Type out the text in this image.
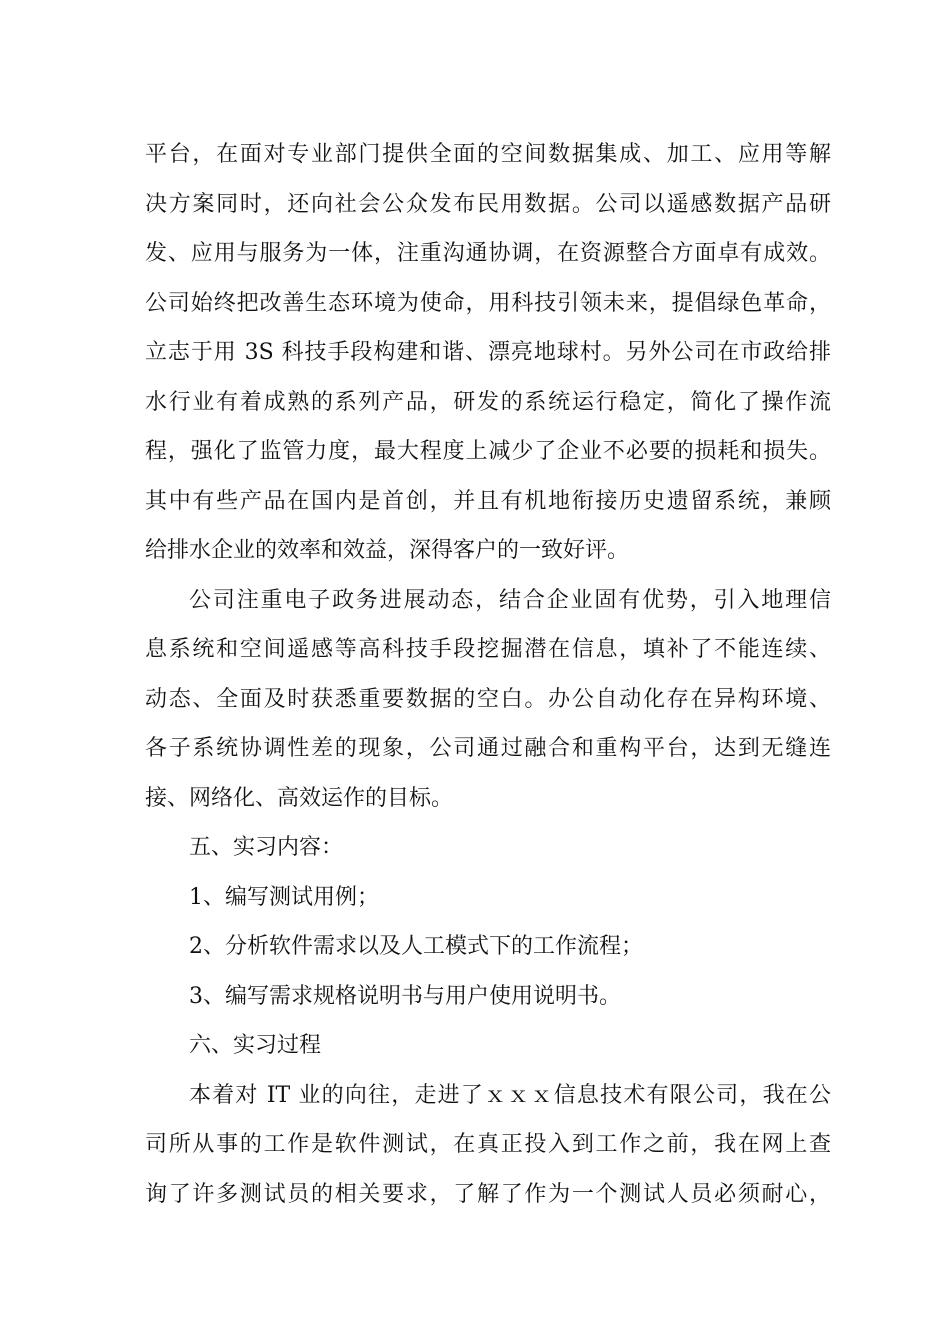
平台，在面对专业部门提供全面的空间数据集成、加工、应用等解
决方案同时，还向社会公众发布民用数据。公司以遥感数据产品研
发、应用与服务为一体，注重沟通协调，在资源整合方面卓有成效。
公司始终把改善生态环境为使命，用科技引领未来，提倡绿色革命，
立志于用 3S 科技手段构建和谐、漂亮地球村。另外公司在市政给排
水行业有着成熟的系列产品，研发的系统运行稳定，简化了操作流
程，强化了监管力度，最大程度上减少了企业不必要的损耗和损失。
其中有些产品在国内是首创，并且有机地衔接历史遗留系统，兼顾
给排水企业的效率和效益，深得客户的一致好评。
公司注重电子政务进展动态，结合企业固有优势，引入地理信
息系统和空间遥感等高科技手段挖掘潜在信息，填补了不能连续、
动态、全面及时获悉重要数据的空白。办公自动化存在异构环境、
各子系统协调性差的现象，公司通过融合和重构平台，达到无缝连
接、网络化、高效运作的目标。
五、实习内容：
1、编写测试用例；
2、分析软件需求以及人工模式下的工作流程；
3、编写需求规格说明书与用户使用说明书。
六、实习过程
本着对 IT 业的向往，走进了ｘｘｘ信息技术有限公司，我在公
司所从事的工作是软件测试，在真正投入到工作之前，我在网上查
询了许多测试员的相关要求，了解了作为一个测试人员必须耐心，
